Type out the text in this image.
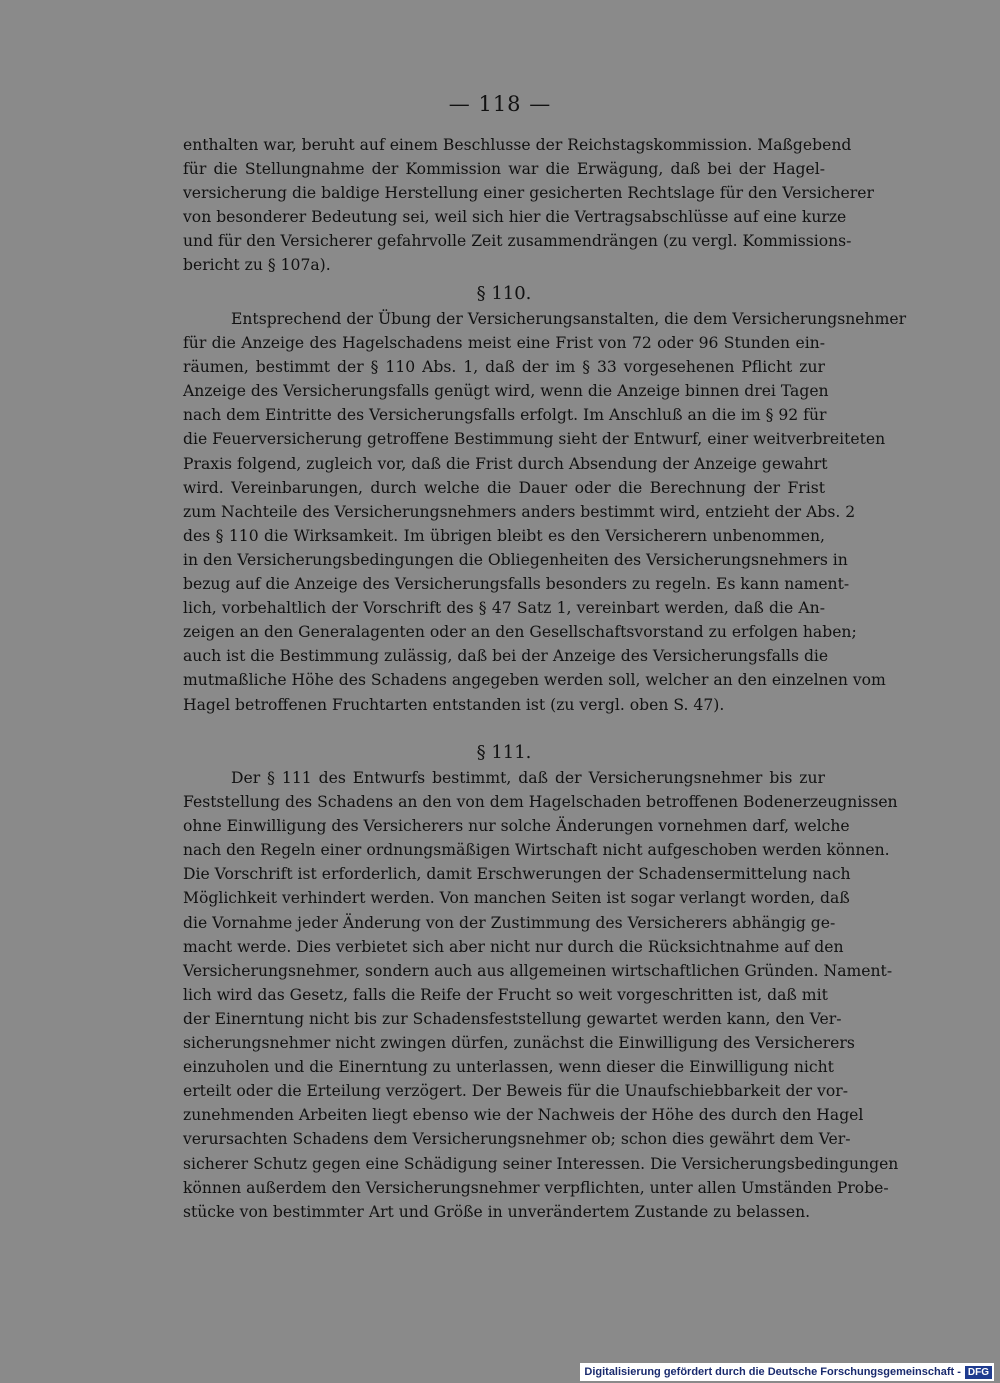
— 118 —
enthalten war, beruht auf einem Beschlusse der Reichstagskommission. Maßgebend
für die Stellungnahme der Kommission war die Erwägung, daß bei der Hagel-
versicherung die baldige Herstellung einer gesicherten Rechtslage für den Versicherer
von besonderer Bedeutung sei, weil sich hier die Vertragsabschlüsse auf eine kurze
und für den Versicherer gefahrvolle Zeit zusammendrängen (zu vergl. Kommissions-
bericht zu § 107a).
§ 110.
Entsprechend der Übung der Versicherungsanstalten, die dem Versicherungsnehmer
für die Anzeige des Hagelschadens meist eine Frist von 72 oder 96 Stunden ein-
räumen, bestimmt der § 110 Abs. 1, daß der im § 33 vorgesehenen Pflicht zur
Anzeige des Versicherungsfalls genügt wird, wenn die Anzeige binnen drei Tagen
nach dem Eintritte des Versicherungsfalls erfolgt. Im Anschluß an die im § 92 für
die Feuerversicherung getroffene Bestimmung sieht der Entwurf, einer weitverbreiteten
Praxis folgend, zugleich vor, daß die Frist durch Absendung der Anzeige gewahrt
wird. Vereinbarungen, durch welche die Dauer oder die Berechnung der Frist
zum Nachteile des Versicherungsnehmers anders bestimmt wird, entzieht der Abs. 2
des § 110 die Wirksamkeit. Im übrigen bleibt es den Versicherern unbenommen,
in den Versicherungsbedingungen die Obliegenheiten des Versicherungsnehmers in
bezug auf die Anzeige des Versicherungsfalls besonders zu regeln. Es kann nament-
lich, vorbehaltlich der Vorschrift des § 47 Satz 1, vereinbart werden, daß die An-
zeigen an den Generalagenten oder an den Gesellschaftsvorstand zu erfolgen haben;
auch ist die Bestimmung zulässig, daß bei der Anzeige des Versicherungsfalls die
mutmaßliche Höhe des Schadens angegeben werden soll, welcher an den einzelnen vom
Hagel betroffenen Fruchtarten entstanden ist (zu vergl. oben S. 47).
§ 111.
Der § 111 des Entwurfs bestimmt, daß der Versicherungsnehmer bis zur
Feststellung des Schadens an den von dem Hagelschaden betroffenen Bodenerzeugnissen
ohne Einwilligung des Versicherers nur solche Änderungen vornehmen darf, welche
nach den Regeln einer ordnungsmäßigen Wirtschaft nicht aufgeschoben werden können.
Die Vorschrift ist erforderlich, damit Erschwerungen der Schadensermittelung nach
Möglichkeit verhindert werden. Von manchen Seiten ist sogar verlangt worden, daß
die Vornahme jeder Änderung von der Zustimmung des Versicherers abhängig ge-
macht werde. Dies verbietet sich aber nicht nur durch die Rücksichtnahme auf den
Versicherungsnehmer, sondern auch aus allgemeinen wirtschaftlichen Gründen. Nament-
lich wird das Gesetz, falls die Reife der Frucht so weit vorgeschritten ist, daß mit
der Einerntung nicht bis zur Schadensfeststellung gewartet werden kann, den Ver-
sicherungsnehmer nicht zwingen dürfen, zunächst die Einwilligung des Versicherers
einzuholen und die Einerntung zu unterlassen, wenn dieser die Einwilligung nicht
erteilt oder die Erteilung verzögert. Der Beweis für die Unaufschiebbarkeit der vor-
zunehmenden Arbeiten liegt ebenso wie der Nachweis der Höhe des durch den Hagel
verursachten Schadens dem Versicherungsnehmer ob; schon dies gewährt dem Ver-
sicherer Schutz gegen eine Schädigung seiner Interessen. Die Versicherungsbedingungen
können außerdem den Versicherungsnehmer verpflichten, unter allen Umständen Probe-
stücke von bestimmter Art und Größe in unverändertem Zustande zu belassen.
Digitalisierung gefördert durch die Deutsche Forschungsgemeinschaft - DFG
